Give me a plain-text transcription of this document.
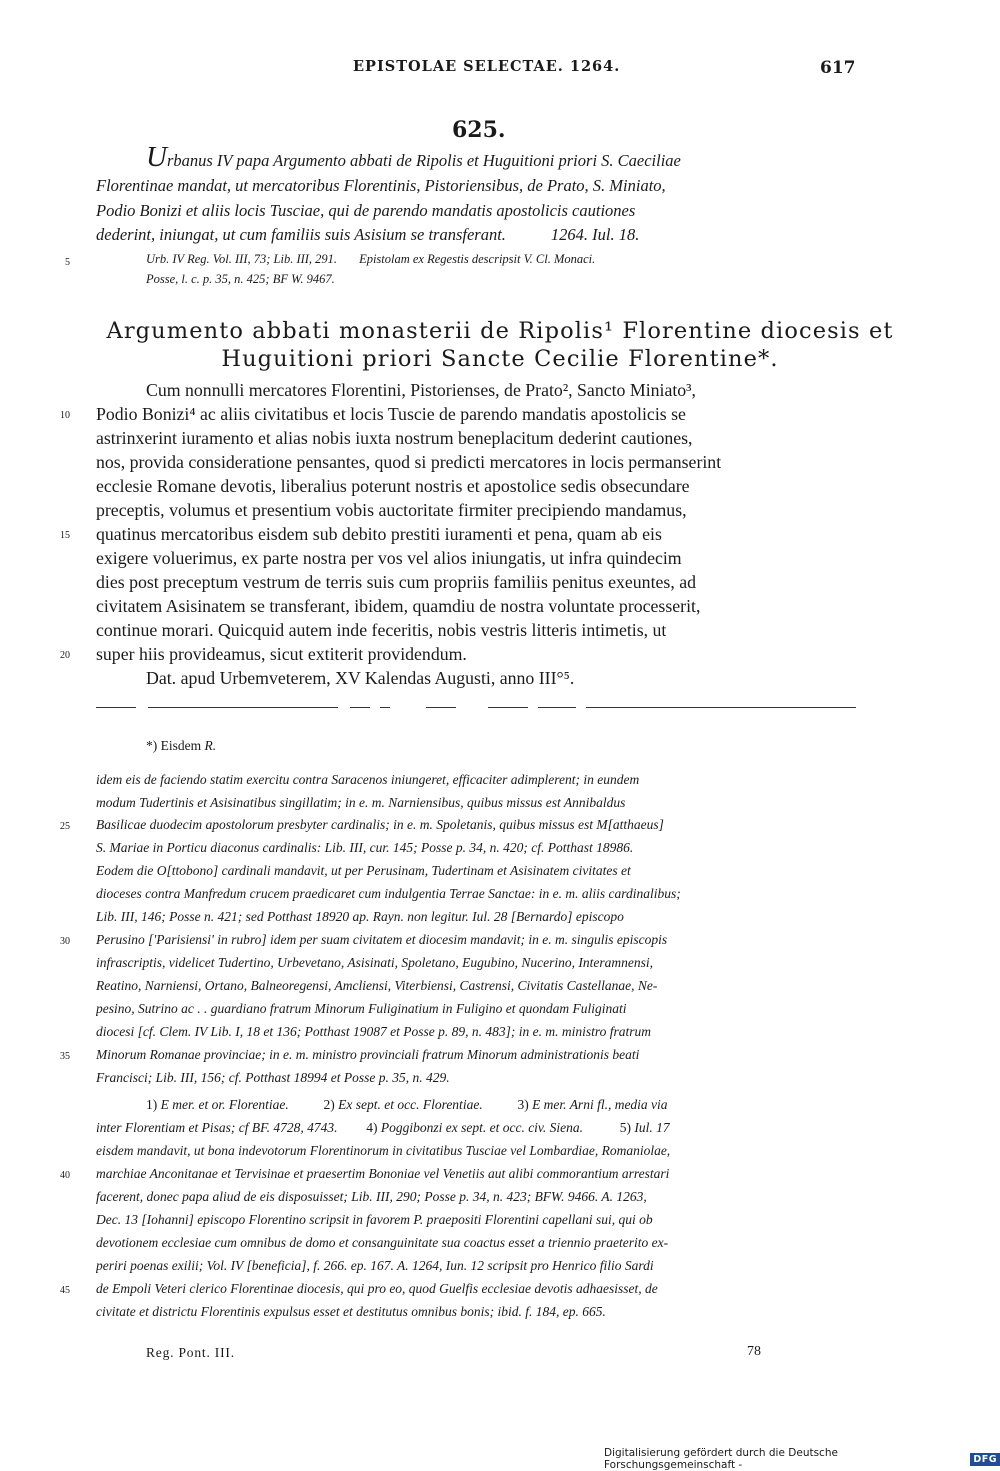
EPISTOLAE SELECTAE. 1264.	617
625.
Urbanus IV papa Argumento abbati de Ripolis et Huguitioni priori S. Caeciliae
Florentinae mandat, ut mercatoribus Florentinis, Pistoriensibus, de Prato, S. Miniato,
Podio Bonizi et aliis locis Tusciae, qui de parendo mandatis apostolicis cautiones
dederint, iniungat, ut cum familiis suis Asisium se transferant.	1264. Iul. 18.
Urb. IV Reg. Vol. III, 73; Lib. III, 291. Epistolam ex Regestis descripsit V. Cl. Monaci.
Posse, l. c. p. 35, n. 425; BF W. 9467.
Argumento abbati monasterii de Ripolis¹ Florentine diocesis et
Huguitioni priori Sancte Cecilie Florentine*.
Cum nonnulli mercatores Florentini, Pistorienses, de Prato², Sancto Miniato³,
Podio Bonizi⁴ ac aliis civitatibus et locis Tuscie de parendo mandatis apostolicis se
astrinxerint iuramento et alias nobis iuxta nostrum beneplacitum dederint cautiones,
nos, provida consideratione pensantes, quod si predicti mercatores in locis permanserint
ecclesie Romane devotis, liberalius poterunt nostris et apostolice sedis obsecundare
preceptis, volumus et presentium vobis auctoritate firmiter precipiendo mandamus,
quatinus mercatoribus eisdem sub debito prestiti iuramenti et pena, quam ab eis
exigere voluerimus, ex parte nostra per vos vel alios iniungatis, ut infra quindecim
dies post preceptum vestrum de terris suis cum propriis familiis penitus exeuntes, ad
civitatem Asisinatem se transferant, ibidem, quamdiu de nostra voluntate processerit,
continue morari. Quicquid autem inde feceritis, nobis vestris litteris intimetis, ut
super hiis provideamus, sicut extiterit providendum.
Dat. apud Urbemveterem, XV Kalendas Augusti, anno III°⁵.
*) Eisdem R.
idem eis de faciendo statim exercitu contra Saracenos iniungeret, efficaciter adimplerent; in eundem
modum Tudertinis et Asisinatibus singillatim; in e. m. Narniensibus, quibus missus est Annibaldus
Basilicae duodecim apostolorum presbyter cardinalis; in e. m. Spoletanis, quibus missus est M[atthaeus]
S. Mariae in Porticu diaconus cardinalis: Lib. III, cur. 145; Posse p. 34, n. 420; cf. Potthast 18986.
Eodem die O[ttobono] cardinali mandavit, ut per Perusinam, Tudertinam et Asisinatem civitates et
dioceses contra Manfredum crucem praedicaret cum indulgentia Terrae Sanctae: in e. m. aliis cardinalibus;
Lib. III, 146; Posse n. 421; sed Potthast 18920 ap. Rayn. non legitur. Iul. 28 [Bernardo] episcopo
Perusino ['Parisiensi' in rubro] idem per suam civitatem et diocesim mandavit; in e. m. singulis episcopis
infrascriptis, videlicet Tudertino, Urbevetano, Asisinati, Spoletano, Eugubino, Nucerino, Interamnensi,
Reatino, Narniensi, Ortano, Balneoregensi, Amcliensi, Viterbiensi, Castrensi, Civitatis Castellanae, Ne-
pesino, Sutrino ac . . guardiano fratrum Minorum Fuliginatium in Fuligino et quondam Fuliginati
diocesi [cf. Clem. IV Lib. I, 18 et 136; Potthast 19087 et Posse p. 89, n. 483]; in e. m. ministro fratrum
Minorum Romanae provinciae; in e. m. ministro provinciali fratrum Minorum administrationis beati
Francisci; Lib. III, 156; cf. Potthast 18994 et Posse p. 35, n. 429.
1) E mer. et or. Florentiae.	2) Ex sept. et occ. Florentiae.	3) E mer. Arni fl., media via
inter Florentiam et Pisas; cf BF. 4728, 4743. 4) Poggibonzi ex sept. et occ. civ. Siena.	5) Iul. 17
eisdem mandavit, ut bona indevotorum Florentinorum in civitatibus Tusciae vel Lombardiae, Romaniolae,
marchiae Anconitanae et Tervisinae et praesertim Bononiae vel Venetiis aut alibi commorantium arrestari
facerent, donec papa aliud de eis disposuisset; Lib. III, 290; Posse p. 34, n. 423; BFW. 9466. A. 1263,
Dec. 13 [Iohanni] episcopo Florentino scripsit in favorem P. praepositi Florentini capellani sui, qui ob
devotionem ecclesiae cum omnibus de domo et consanguinitate sua coactus esset a triennio praeterito ex-
periri poenas exilii; Vol. IV [beneficia], f. 266. ep. 167. A. 1264, Iun. 12 scripsit pro Henrico filio Sardi
de Empoli Veteri clerico Florentinae diocesis, qui pro eo, quod Guelfis ecclesiae devotis adhaesisset, de
civitate et districtu Florentinis expulsus esset et destitutus omnibus bonis; ibid. f. 184, ep. 665.
5
10
15
20
25
30
35
40
45
Reg. Pont. III.	78
Digitalisierung gefördert durch die Deutsche Forschungsgemeinschaft -	DFG
